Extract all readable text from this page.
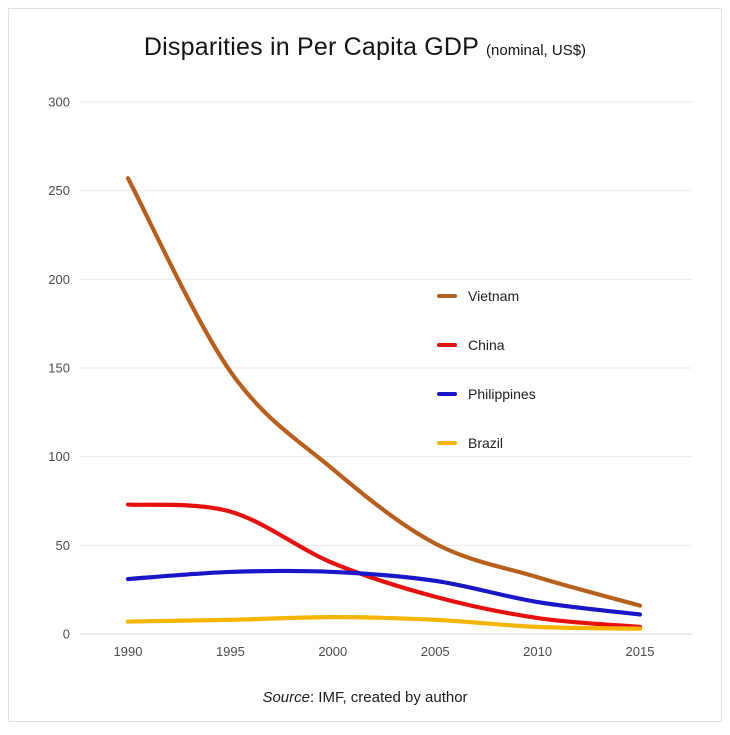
Disparities in Per Capita GDP (nominal, US$)
0
50
100
150
200
250
300
1990	1995	2000	2005	2010	2015
Vietnam
China
Philippines
Brazil
Source: IMF, created by author
